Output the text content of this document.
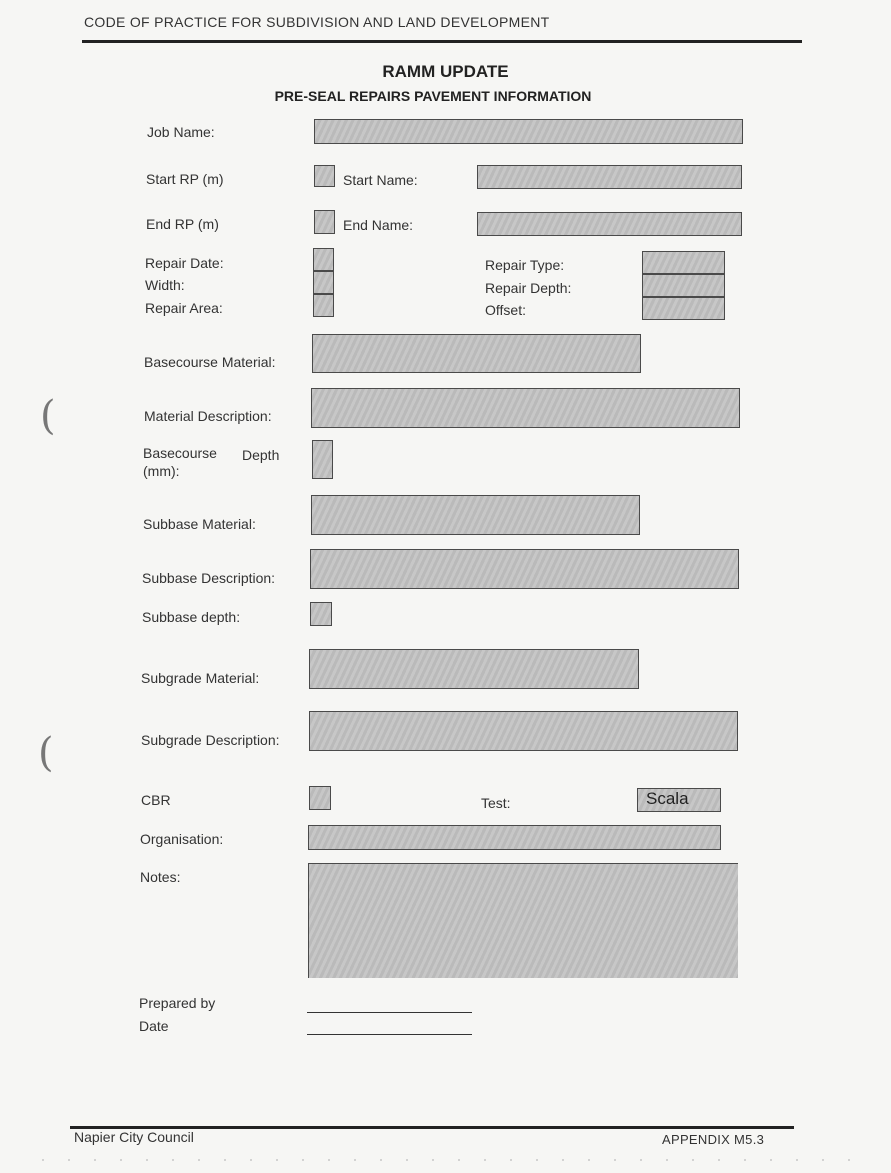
CODE OF PRACTICE FOR SUBDIVISION AND LAND DEVELOPMENT
RAMM UPDATE
PRE-SEAL REPAIRS PAVEMENT INFORMATION
Job Name:
Start RP (m)	Start Name:
End RP (m)	End Name:
Repair Date:
Width:
Repair Area:
Repair Type:
Repair Depth:
Offset:
Basecourse Material:
Material Description:
Basecourse Depth
(mm):
Subbase Material:
Subbase Description:
Subbase depth:
Subgrade Material:
Subgrade Description:
CBR	Test:	Scala
Organisation:
Notes:
Prepared by
Date
(
(
Napier City Council	APPENDIX M5.3
